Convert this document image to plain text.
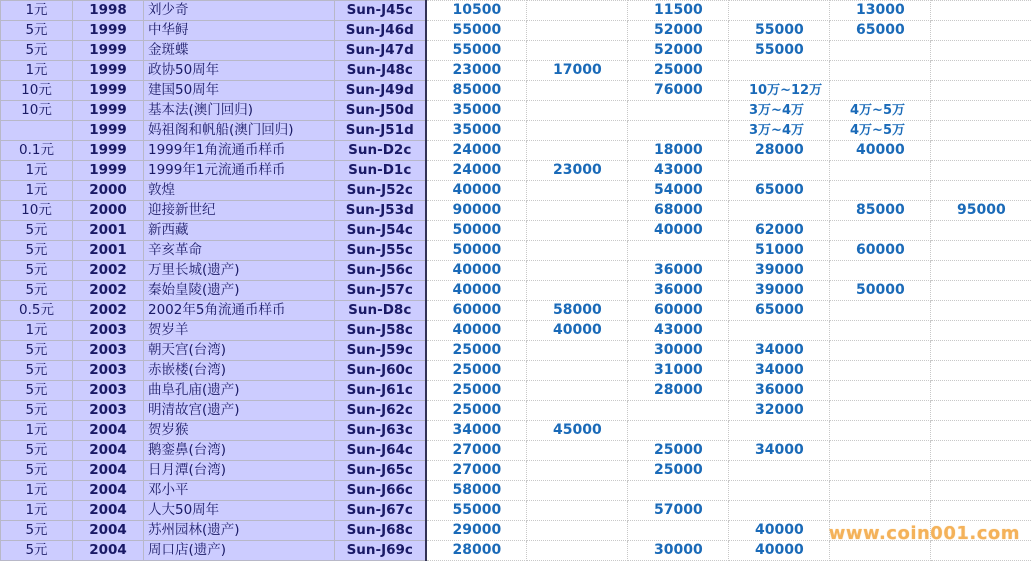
1元	1998	刘少奇	Sun-J45c	10500		11500		13000	
5元	1999	中华鲟	Sun-J46d	55000		52000	55000	65000	
5元	1999	金斑蝶	Sun-J47d	55000		52000	55000		
1元	1999	政协50周年	Sun-J48c	23000	17000	25000			
10元	1999	建国50周年	Sun-J49d	85000		76000	10万~12万		
10元	1999	基本法(澳门回归)	Sun-J50d	35000			3万~4万	4万~5万	
	1999	妈祖阁和帆船(澳门回归)	Sun-J51d	35000			3万~4万	4万~5万	
0.1元	1999	1999年1角流通币样币	Sun-D2c	24000		18000	28000	40000	
1元	1999	1999年1元流通币样币	Sun-D1c	24000	23000	43000			
1元	2000	敦煌	Sun-J52c	40000		54000	65000		
10元	2000	迎接新世纪	Sun-J53d	90000		68000		85000	95000
5元	2001	新西藏	Sun-J54c	50000		40000	62000		
5元	2001	辛亥革命	Sun-J55c	50000			51000	60000	
5元	2002	万里长城(遗产)	Sun-J56c	40000		36000	39000		
5元	2002	秦始皇陵(遗产)	Sun-J57c	40000		36000	39000	50000	
0.5元	2002	2002年5角流通币样币	Sun-D8c	60000	58000	60000	65000		
1元	2003	贺岁羊	Sun-J58c	40000	40000	43000			
5元	2003	朝天宫(台湾)	Sun-J59c	25000		30000	34000		
5元	2003	赤嵌楼(台湾)	Sun-J60c	25000		31000	34000		
5元	2003	曲阜孔庙(遗产)	Sun-J61c	25000		28000	36000		
5元	2003	明清故宫(遗产)	Sun-J62c	25000			32000		
1元	2004	贺岁猴	Sun-J63c	34000	45000				
5元	2004	鹅銮鼻(台湾)	Sun-J64c	27000		25000	34000		
5元	2004	日月潭(台湾)	Sun-J65c	27000		25000			
1元	2004	邓小平	Sun-J66c	58000					
1元	2004	人大50周年	Sun-J67c	55000		57000			
5元	2004	苏州园林(遗产)	Sun-J68c	29000			40000		
5元	2004	周口店(遗产)	Sun-J69c	28000		30000	40000		
www.coin001.com
